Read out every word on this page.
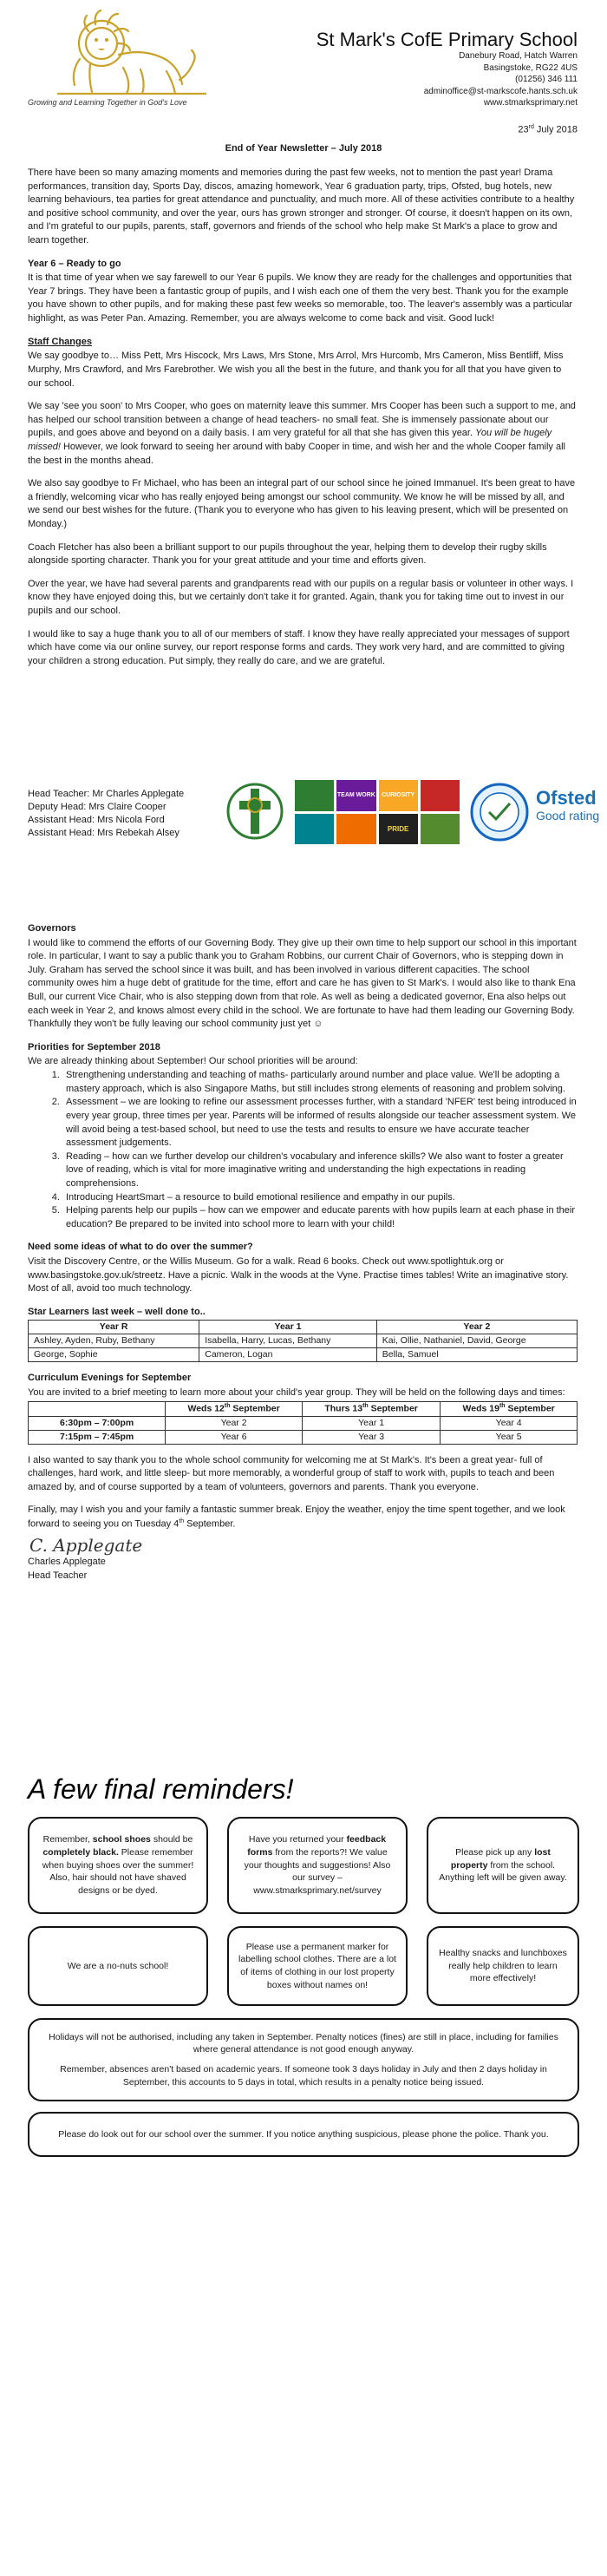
Growing and Learning Together in God's Love
St Mark's CofE Primary School
Danebury Road, Hatch Warren
Basingstoke, RG22 4US
(01256) 346 111
adminoffice@st-markscofe.hants.sch.uk
www.stmarksprimary.net
23rd July 2018
End of Year Newsletter – July 2018

There have been so many amazing moments and memories during the past few weeks, not to mention the past year! Drama performances, transition day, Sports Day, discos, amazing homework, Year 6 graduation party, trips, Ofsted, bug hotels, new learning behaviours, tea parties for great attendance and punctuality, and much more. All of these activities contribute to a healthy and positive school community, and over the year, ours has grown stronger and stronger. Of course, it doesn't happen on its own, and I'm grateful to our pupils, parents, staff, governors and friends of the school who help make St Mark's a place to grow and learn together.

Year 6 – Ready to go

It is that time of year when we say farewell to our Year 6 pupils. We know they are ready for the challenges and opportunities that Year 7 brings. They have been a fantastic group of pupils, and I wish each one of them the very best. Thank you for the example you have shown to other pupils, and for making these past few weeks so memorable, too. The leaver's assembly was a particular highlight, as was Peter Pan. Amazing. Remember, you are always welcome to come back and visit. Good luck!

Staff Changes

We say goodbye to… Miss Pett, Mrs Hiscock, Mrs Laws, Mrs Stone, Mrs Arrol, Mrs Hurcomb, Mrs Cameron, Miss Bentliff, Miss Murphy, Mrs Crawford, and Mrs Farebrother. We wish you all the best in the future, and thank you for all that you have given to our school.

We say 'see you soon' to Mrs Cooper, who goes on maternity leave this summer. Mrs Cooper has been such a support to me, and has helped our school transition between a change of head teachers- no small feat. She is immensely passionate about our pupils, and goes above and beyond on a daily basis. I am very grateful for all that she has given this year. You will be hugely missed! However, we look forward to seeing her around with baby Cooper in time, and wish her and the whole Cooper family all the best in the months ahead.

We also say goodbye to Fr Michael, who has been an integral part of our school since he joined Immanuel. It's been great to have a friendly, welcoming vicar who has really enjoyed being amongst our school community. We know he will be missed by all, and we send our best wishes for the future. (Thank you to everyone who has given to his leaving present, which will be presented on Monday.)

Coach Fletcher has also been a brilliant support to our pupils throughout the year, helping them to develop their rugby skills alongside sporting character. Thank you for your great attitude and your time and efforts given.

Over the year, we have had several parents and grandparents read with our pupils on a regular basis or volunteer in other ways. I know they have enjoyed doing this, but we certainly don't take it for granted. Again, thank you for taking time out to invest in our pupils and our school.

I would like to say a huge thank you to all of our members of staff. I know they have really appreciated your messages of support which have come via our online survey, our report response forms and cards. They work very hard, and are committed to giving your children a strong education. Put simply, they really do care, and we are grateful.

Head Teacher: Mr Charles Applegate
Deputy Head: Mrs Claire Cooper
Assistant Head: Mrs Nicola Ford
Assistant Head: Mrs Rebekah Alsey
TEAM WORK	CURIOSITY
PRIDE
Ofsted
Good rating
Governors

I would like to commend the efforts of our Governing Body. They give up their own time to help support our school in this important role. In particular, I want to say a public thank you to Graham Robbins, our current Chair of Governors, who is stepping down in July. Graham has served the school since it was built, and has been involved in various different capacities. The school community owes him a huge debt of gratitude for the time, effort and care he has given to St Mark's. I would also like to thank Ena Bull, our current Vice Chair, who is also stepping down from that role. As well as being a dedicated governor, Ena also helps out each week in Year 2, and knows almost every child in the school. We are fortunate to have had them leading our Governing Body. Thankfully they won't be fully leaving our school community just yet ☺

Priorities for September 2018
We are already thinking about September! Our school priorities will be around:
1. Strengthening understanding and teaching of maths- particularly around number and place value. We'll be adopting a mastery approach, which is also Singapore Maths, but still includes strong elements of reasoning and problem solving.
2. Assessment – we are looking to refine our assessment processes further, with a standard 'NFER' test being introduced in every year group, three times per year. Parents will be informed of results alongside our teacher assessment system. We will avoid being a test-based school, but need to use the tests and results to ensure we have accurate teacher assessment judgements.
3. Reading – how can we further develop our children's vocabulary and inference skills? We also want to foster a greater love of reading, which is vital for more imaginative writing and understanding the high expectations in reading comprehensions.
4. Introducing HeartSmart – a resource to build emotional resilience and empathy in our pupils.
5. Helping parents help our pupils – how can we empower and educate parents with how pupils learn at each phase in their education? Be prepared to be invited into school more to learn with your child!
Need some ideas of what to do over the summer?

Visit the Discovery Centre, or the Willis Museum. Go for a walk. Read 6 books. Check out www.spotlightuk.org or www.basingstoke.gov.uk/streetz. Have a picnic. Walk in the woods at the Vyne. Practise times tables! Write an imaginative story. Most of all, avoid too much technology.

Star Learners last week – well done to..
Year R	Year 1	Year 2
Ashley, Ayden, Ruby, Bethany	Isabella, Harry, Lucas, Bethany	Kai, Ollie, Nathaniel, David, George
George, Sophie	Cameron, Logan	Bella, Samuel
Curriculum Evenings for September
You are invited to a brief meeting to learn more about your child's year group. They will be held on the following days and times:
	Weds 12th September	Thurs 13th September	Weds 19th September
6:30pm – 7:00pm	Year 2	Year 1	Year 4
7:15pm – 7:45pm	Year 6	Year 3	Year 5

I also wanted to say thank you to the whole school community for welcoming me at St Mark's. It's been a great year- full of challenges, hard work, and little sleep- but more memorably, a wonderful group of staff to work with, pupils to teach and been amazed by, and of course supported by a team of volunteers, governors and parents. Thank you everyone.

Finally, may I wish you and your family a fantastic summer break. Enjoy the weather, enjoy the time spent together, and we look forward to seeing you on Tuesday 4th September.

C. Applegate
Charles Applegate
Head Teacher
A few final reminders!
Remember, school shoes should be completely black. Please remember when buying shoes over the summer! Also, hair should not have shaved designs or be dyed.
Have you returned your feedback forms from the reports?! We value your thoughts and suggestions! Also our survey – www.stmarksprimary.net/survey
Please pick up any lost property from the school. Anything left will be given away.
We are a no-nuts school!
Please use a permanent marker for labelling school clothes. There are a lot of items of clothing in our lost property boxes without names on!
Healthy snacks and lunchboxes really help children to learn more effectively!
Holidays will not be authorised, including any taken in September. Penalty notices (fines) are still in place, including for families where general attendance is not good enough anyway.
Remember, absences aren't based on academic years. If someone took 3 days holiday in July and then 2 days holiday in September, this accounts to 5 days in total, which results in a penalty notice being issued.
Please do look out for our school over the summer. If you notice anything suspicious, please phone the police. Thank you.
